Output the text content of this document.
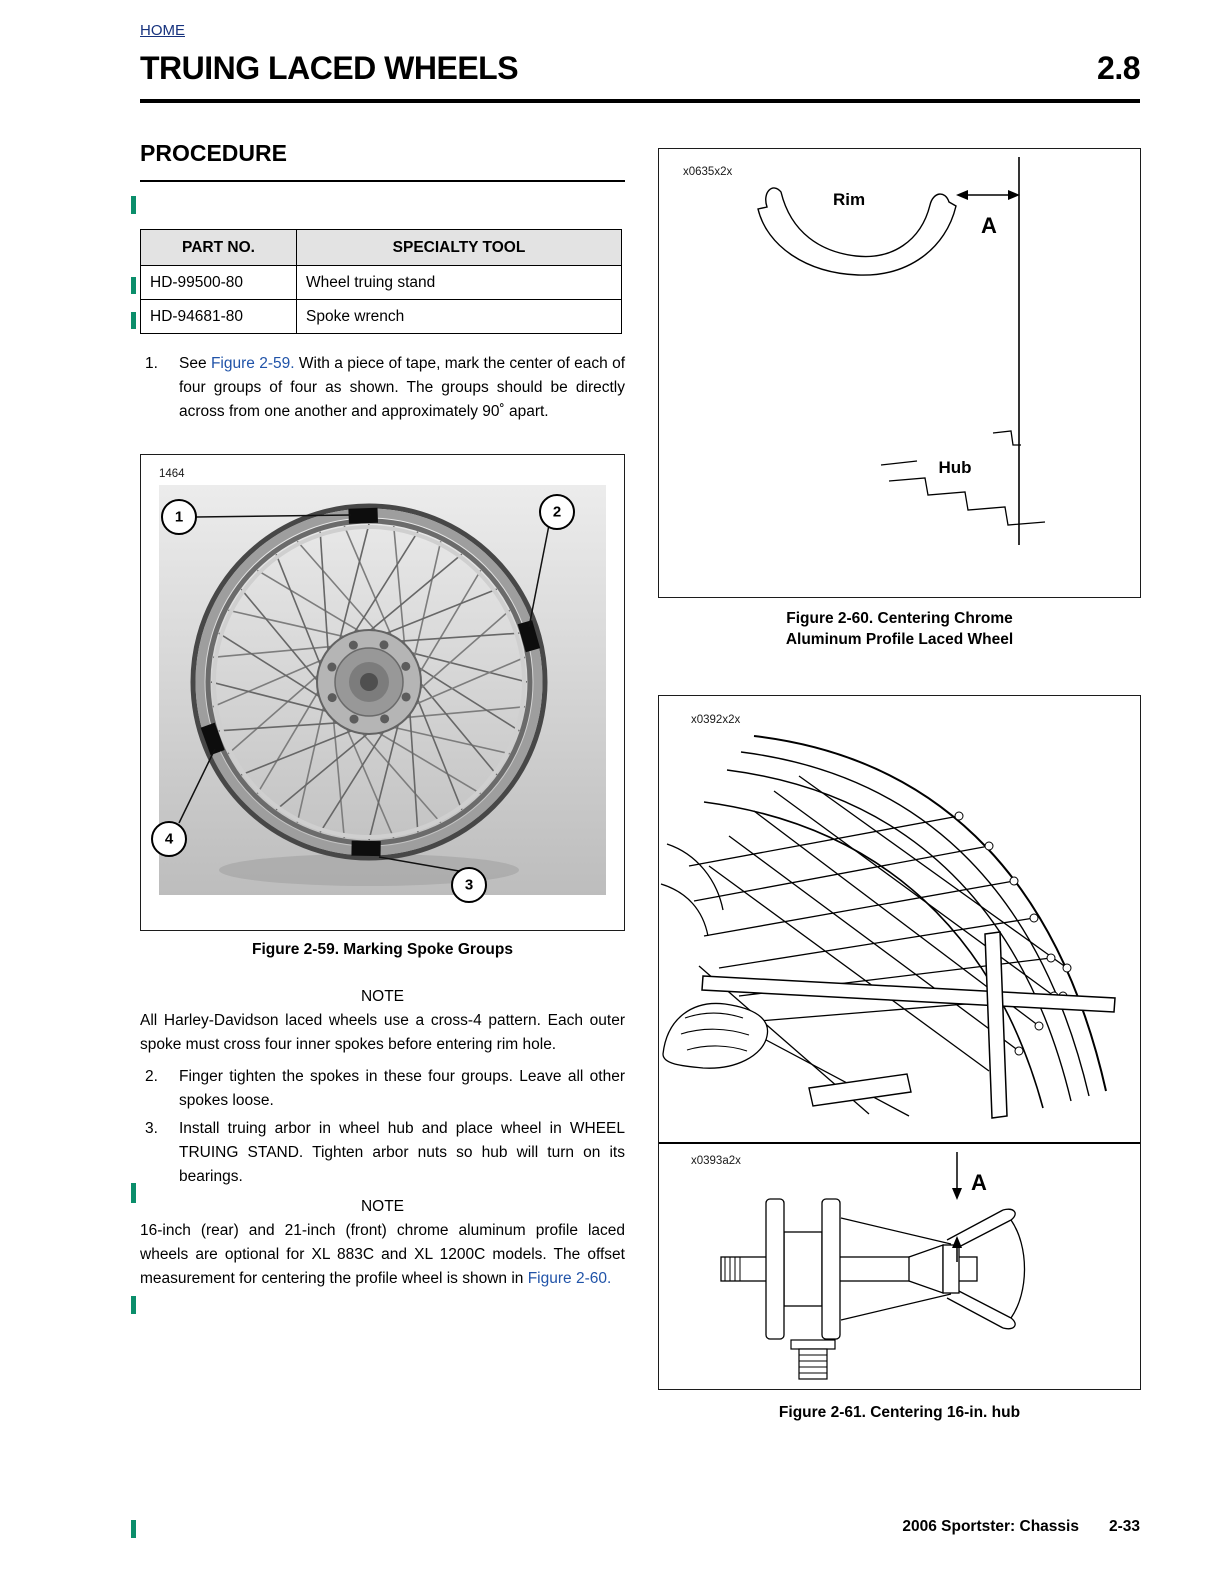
HOME
TRUING LACED WHEELS	2.8
PROCEDURE
PART NO.	SPECIALTY TOOL
HD-99500-80	Wheel truing stand
HD-94681-80	Spoke wrench
1.	See Figure 2-59. With a piece of tape, mark the center of each of four groups of four as shown. The groups should be directly across from one another and approximately 90˚ apart.
1	2
3
4
1464
Figure 2-59. Marking Spoke Groups
NOTE

All Harley-Davidson laced wheels use a cross-4 pattern. Each outer spoke must cross four inner spokes before entering rim hole.

2.	Finger tighten the spokes in these four groups. Leave all other spokes loose.
3.	Install truing arbor in wheel hub and place wheel in WHEEL TRUING STAND. Tighten arbor nuts so hub will turn on its bearings.
NOTE

16-inch (rear) and 21-inch (front) chrome aluminum profile laced wheels are optional for XL 883C and XL 1200C models. The offset measurement for centering the profile wheel is shown in Figure 2-60.

x0635x2x
Rim
A
Hub
Figure 2-60. Centering Chrome
Aluminum Profile Laced Wheel
x0392x2x
x0393a2x
A
Figure 2-61. Centering 16-in. hub
2006 Sportster: Chassis 2-33
